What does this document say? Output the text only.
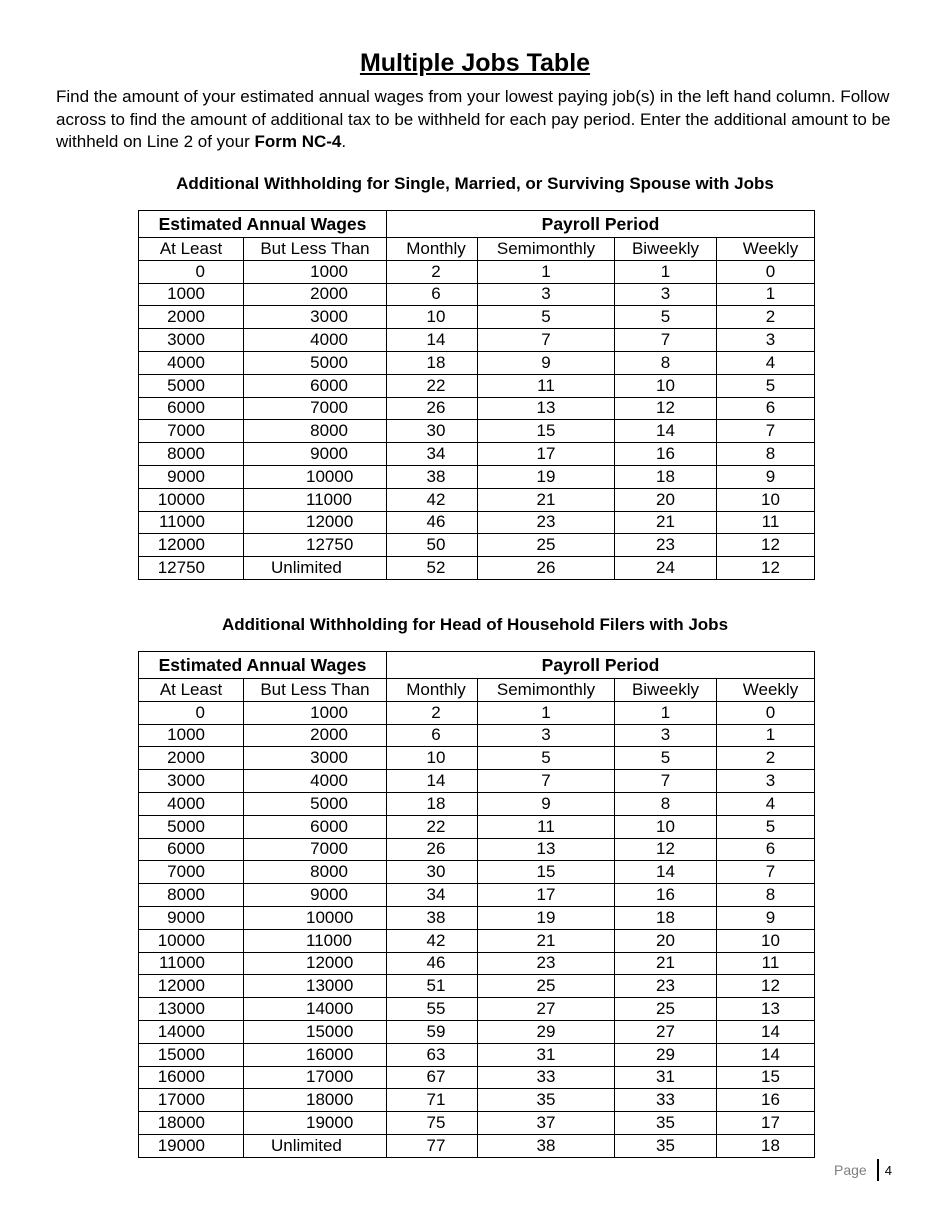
Multiple Jobs Table

Find the amount of your estimated annual wages from your lowest paying job(s) in the left hand column. Follow across to find the amount of additional tax to be withheld for each pay period. Enter the additional amount to be withheld on Line 2 of your Form NC-4.

Additional Withholding for Single, Married, or Surviving Spouse with Jobs
Estimated Annual Wages		Payroll Period			
At Least	But Less Than	Monthly	Semimonthly	Biweekly	Weekly
0	1000	2	1	1	0
1000	2000	6	3	3	1
2000	3000	10	5	5	2
3000	4000	14	7	7	3
4000	5000	18	9	8	4
5000	6000	22	11	10	5
6000	7000	26	13	12	6
7000	8000	30	15	14	7
8000	9000	34	17	16	8
9000	10000	38	19	18	9
10000	11000	42	21	20	10
11000	12000	46	23	21	11
12000	12750	50	25	23	12
12750	Unlimited	52	26	24	12
Additional Withholding for Head of Household Filers with Jobs
Estimated Annual Wages		Payroll Period			
At Least	But Less Than	Monthly	Semimonthly	Biweekly	Weekly
0	1000	2	1	1	0
1000	2000	6	3	3	1
2000	3000	10	5	5	2
3000	4000	14	7	7	3
4000	5000	18	9	8	4
5000	6000	22	11	10	5
6000	7000	26	13	12	6
7000	8000	30	15	14	7
8000	9000	34	17	16	8
9000	10000	38	19	18	9
10000	11000	42	21	20	10
11000	12000	46	23	21	11
12000	13000	51	25	23	12
13000	14000	55	27	25	13
14000	15000	59	29	27	14
15000	16000	63	31	29	14
16000	17000	67	33	31	15
17000	18000	71	35	33	16
18000	19000	75	37	35	17
19000	Unlimited	77	38	35	18
Page 4
